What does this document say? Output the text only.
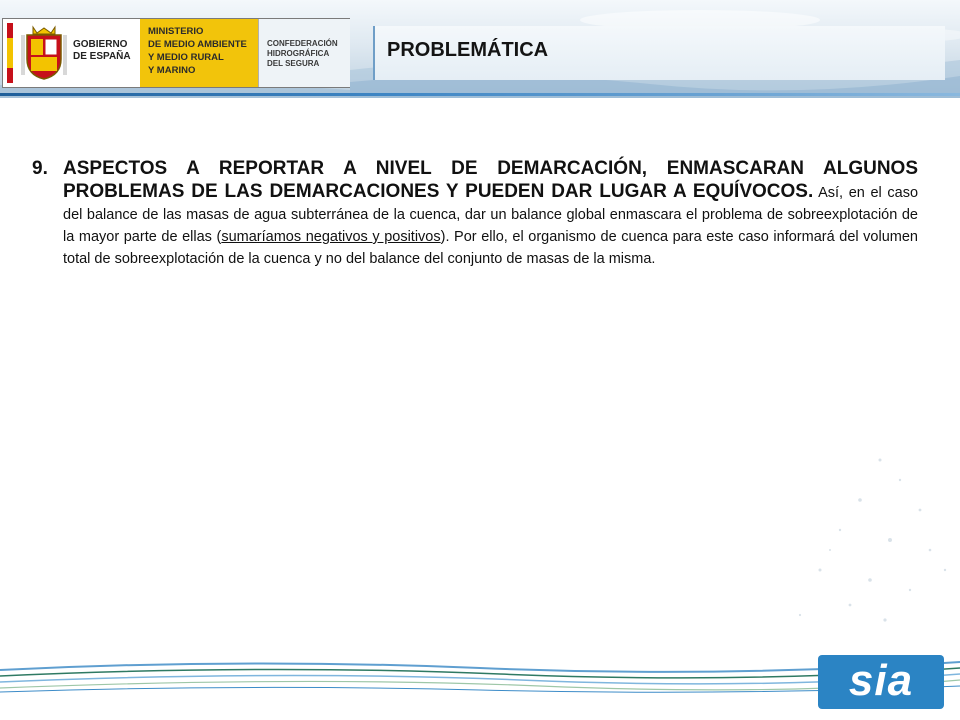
GOBIERNO
DE ESPAÑA
MINISTERIO
DE MEDIO AMBIENTE
Y MEDIO RURAL
Y MARINO
CONFEDERACIÓN
HIDROGRÁFICA
DEL SEGURA
PROBLEMÁTICA
9. ASPECTOS A REPORTAR A NIVEL DE DEMARCACIÓN, ENMASCARAN ALGUNOS PROBLEMAS DE LAS DEMARCACIONES Y PUEDEN DAR LUGAR A EQUÍVOCOS. Así, en el caso del balance de las masas de agua subterránea de la cuenca, dar un balance global enmascara el problema de sobreexplotación de la mayor parte de ellas (sumaríamos negativos y positivos). Por ello, el organismo de cuenca para este caso informará del volumen total de sobreexplotación de la cuenca y no del balance del conjunto de masas de la misma.
sia
